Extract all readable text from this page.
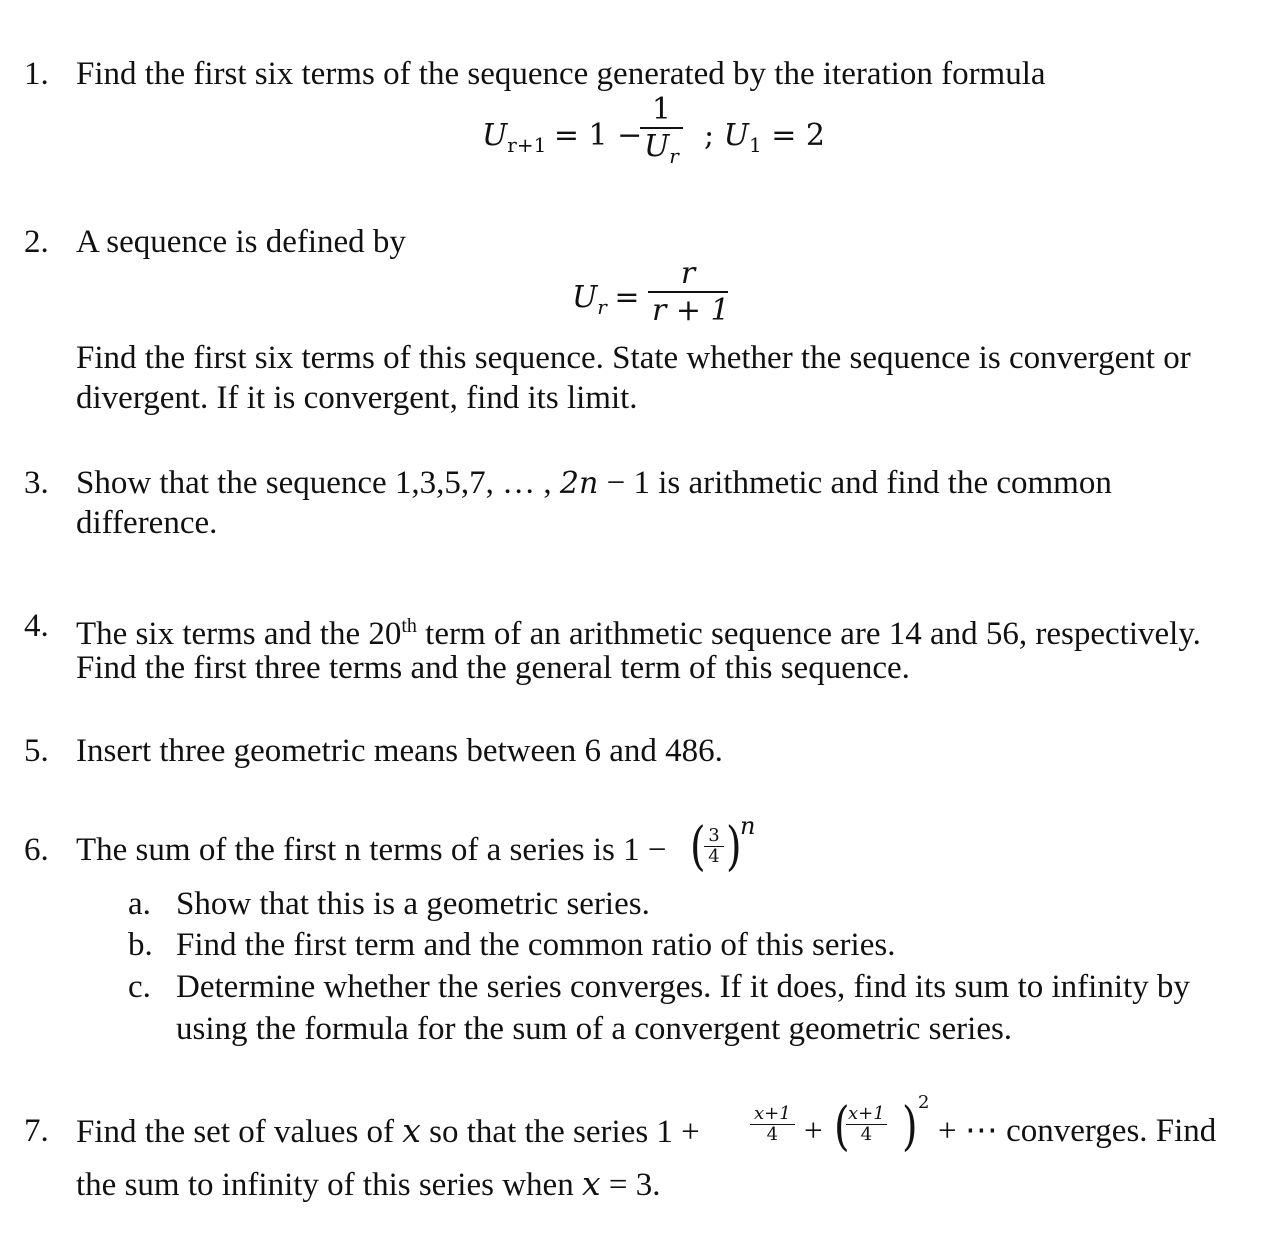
1. Find the first six terms of the sequence generated by the iteration formula
$U_{r+1} = 1$ −
$\frac{1}{U_r}$ ; $U_1 = 2$
2. A sequence is defined by
$U_r = \frac{r}{r + 1}$
Find the first six terms of this sequence. State whether the sequence is convergent or
divergent. If it is convergent, find its limit.
3. Show that the sequence 1,3,5,7, … , 2n − 1 is arithmetic and find the common
difference.
4. The six terms and the 20th term of an arithmetic sequence are 14 and 56, respectively.
Find the first three terms and the general term of this sequence.
5. Insert three geometric means between 6 and 486.
6. The sum of the first n terms of a series is 1 − (
$\frac{3}{4}$ )
n
a. Show that this is a geometric series.
b. Find the first term and the common ratio of this series.
c. Determine whether the series converges. If it does, find its sum to infinity by
using the formula for the sum of a convergent geometric series.
7. Find the set of values of x so that the series 1 +	$\frac{x+1}{4}$ + (
$\frac{x+1}{4}$ ) 2
+ ⋯ converges. Find
the sum to infinity of this series when x = 3.
